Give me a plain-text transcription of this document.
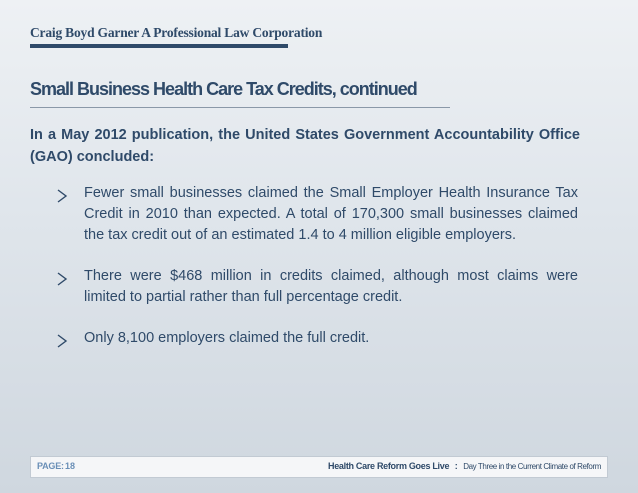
Craig Boyd Garner A Professional Law Corporation
Small Business Health Care Tax Credits, continued
In a May 2012 publication, the United States Government Accountability Office (GAO) concluded:
Fewer small businesses claimed the Small Employer Health Insurance Tax Credit in 2010 than expected. A total of 170,300 small businesses claimed the tax credit out of an estimated 1.4 to 4 million eligible employers.
There were $468 million in credits claimed, although most claims were limited to partial rather than full percentage credit.
Only 8,100 employers claimed the full credit.
PAGE: 18	Health Care Reform Goes Live : Day Three in the Current Climate of Reform
